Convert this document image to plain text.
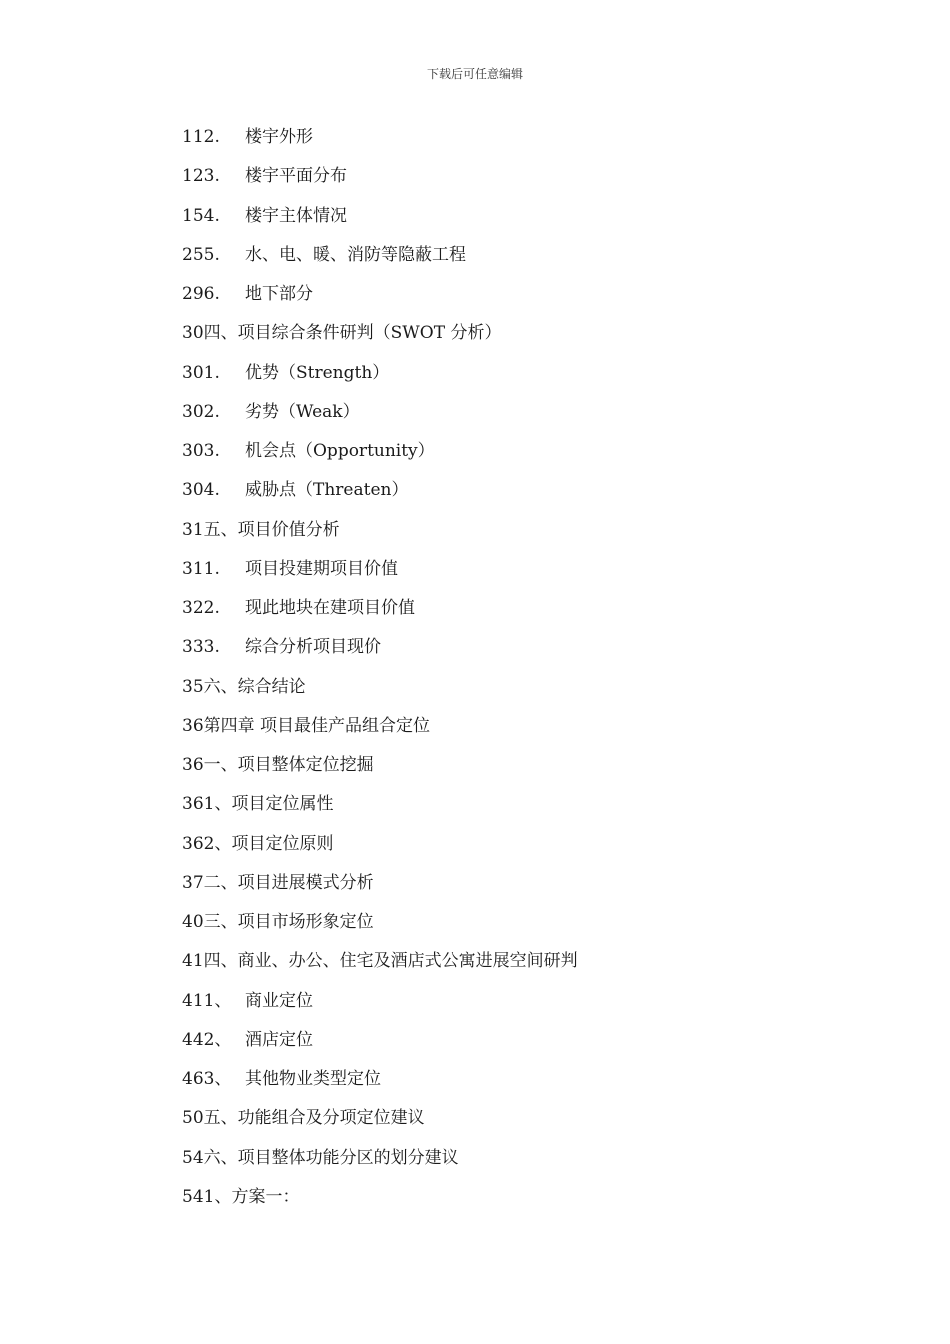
下载后可任意编辑
112.	楼宇外形
123.	楼宇平面分布
154.	楼宇主体情况
255.	水、电、暖、消防等隐蔽工程
296.	地下部分
30 四、项目综合条件研判（SWOT 分析）
301.	优势（Strength）
302.	劣势（Weak）
303.	机会点（Opportunity）
304.	威胁点（Threaten）
31 五、项目价值分析
311.	项目投建期项目价值
322.	现此地块在建项目价值
333.	综合分析项目现价
35 六、综合结论
36 第四章 项目最佳产品组合定位
36 一、项目整体定位挖掘
361 、项目定位属性
362 、项目定位原则
37 二、项目进展模式分析
40 三、项目市场形象定位
41 四、商业、办公、住宅及酒店式公寓进展空间研判
411、 商业定位
442、 酒店定位
463、 其他物业类型定位
50 五、功能组合及分项定位建议
54 六、项目整体功能分区的划分建议
541 、方案一：
